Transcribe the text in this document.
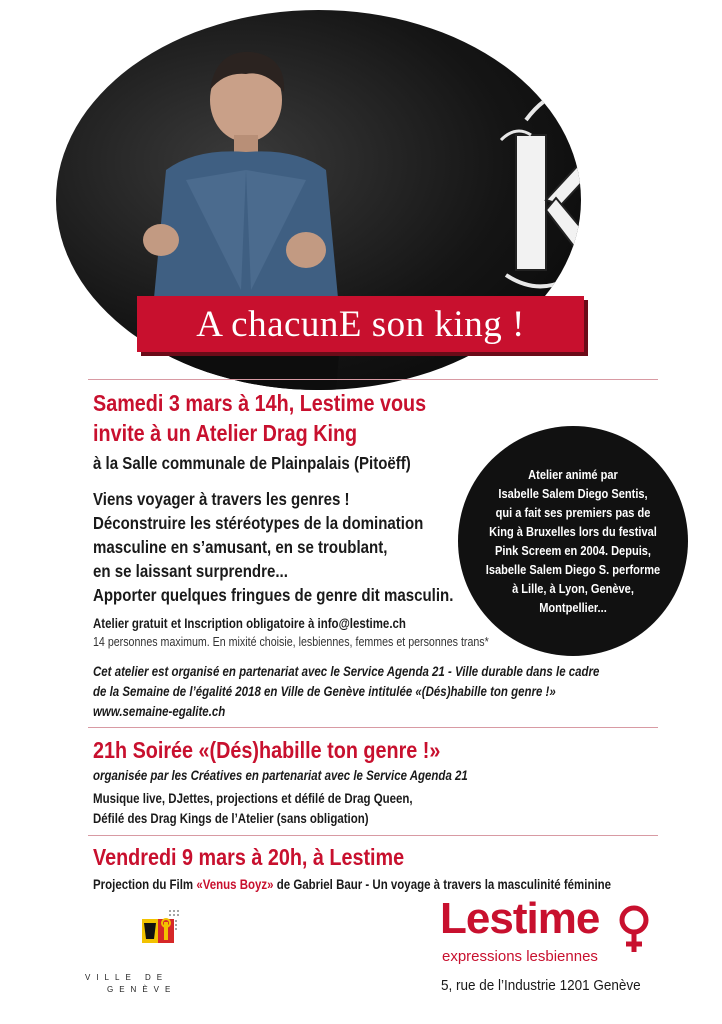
A chacunE son king !
Samedi 3 mars à 14h, Lestime vous
invite à un Atelier Drag King
à la Salle communale de Plainpalais (Pitoëff)
Viens voyager à travers les genres !
Déconstruire les stéréotypes de la domination
masculine en s’amusant, en se troublant,
en se laissant surprendre...
Apporter quelques fringues de genre dit masculin.
Atelier gratuit et Inscription obligatoire à info@lestime.ch
14 personnes maximum. En mixité choisie, lesbiennes, femmes et personnes trans*
Cet atelier est organisé en partenariat avec le Service Agenda 21 - Ville durable dans le cadre
de la Semaine de l’égalité 2018 en Ville de Genève intitulée «(Dés)habille ton genre !»
www.semaine-egalite.ch
Atelier animé par
Isabelle Salem Diego Sentis,
qui a fait ses premiers pas de
King à Bruxelles lors du festival
Pink Screem en 2004. Depuis,
Isabelle Salem Diego S. performe
à Lille, à Lyon, Genève,
Montpellier...
21h Soirée «(Dés)habille ton genre !»
organisée par les Créatives en partenariat avec le Service Agenda 21
Musique live, DJettes, projections et défilé de Drag Queen,
Défilé des Drag Kings de l’Atelier (sans obligation)
Vendredi 9 mars à 20h, à Lestime
Projection du Film «Venus Boyz» de Gabriel Baur - Un voyage à travers la masculinité féminine
VILLE DE
GENÈVE
Lestime
expressions lesbiennes
5, rue de l’Industrie 1201 Genève
